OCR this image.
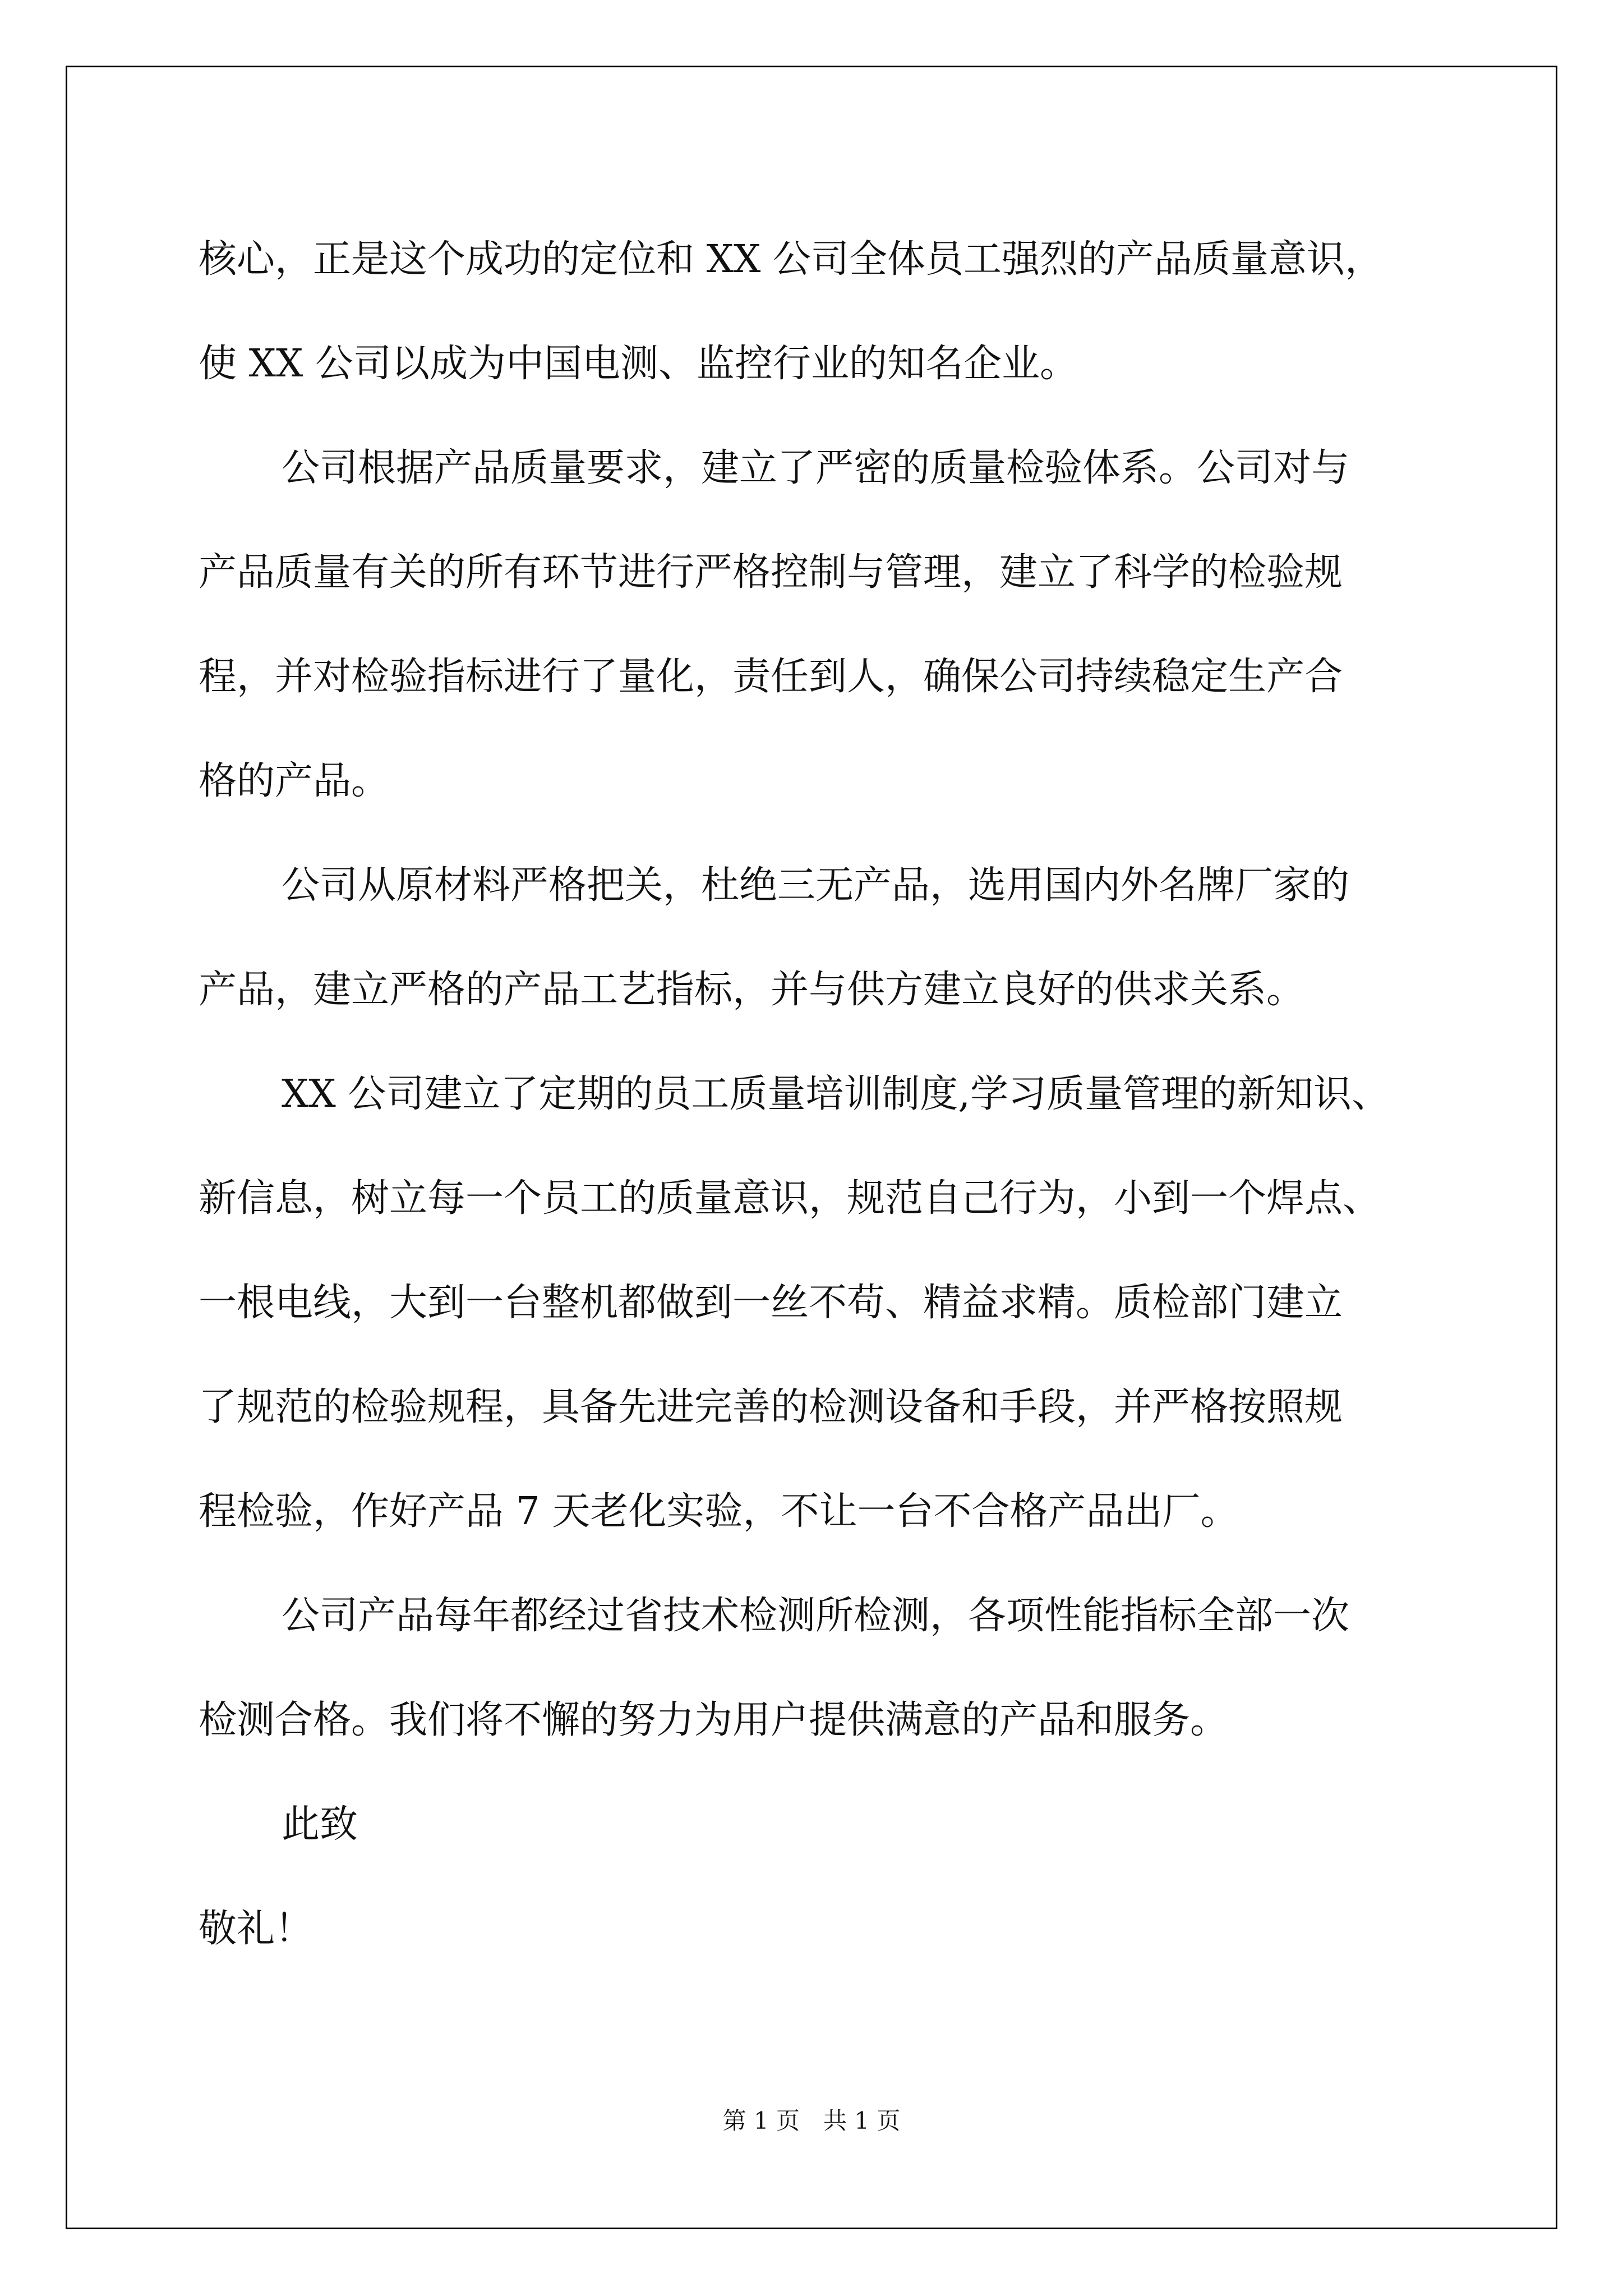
核心，正是这个成功的定位和 XX 公司全体员工强烈的产品质量意识，
使 XX 公司以成为中国电测、监控行业的知名企业。
公司根据产品质量要求，建立了严密的质量检验体系。公司对与
产品质量有关的所有环节进行严格控制与管理，建立了科学的检验规
程，并对检验指标进行了量化，责任到人，确保公司持续稳定生产合
格的产品。
公司从原材料严格把关，杜绝三无产品，选用国内外名牌厂家的
产品，建立严格的产品工艺指标，并与供方建立良好的供求关系。
XX 公司建立了定期的员工质量培训制度,学习质量管理的新知识、
新信息，树立每一个员工的质量意识，规范自己行为，小到一个焊点、
一根电线，大到一台整机都做到一丝不苟、精益求精。质检部门建立
了规范的检验规程，具备先进完善的检测设备和手段，并严格按照规
程检验，作好产品 7 天老化实验，不让一台不合格产品出厂。
公司产品每年都经过省技术检测所检测，各项性能指标全部一次
检测合格。我们将不懈的努力为用户提供满意的产品和服务。
此致
敬礼！
第 1 页　共 1 页
